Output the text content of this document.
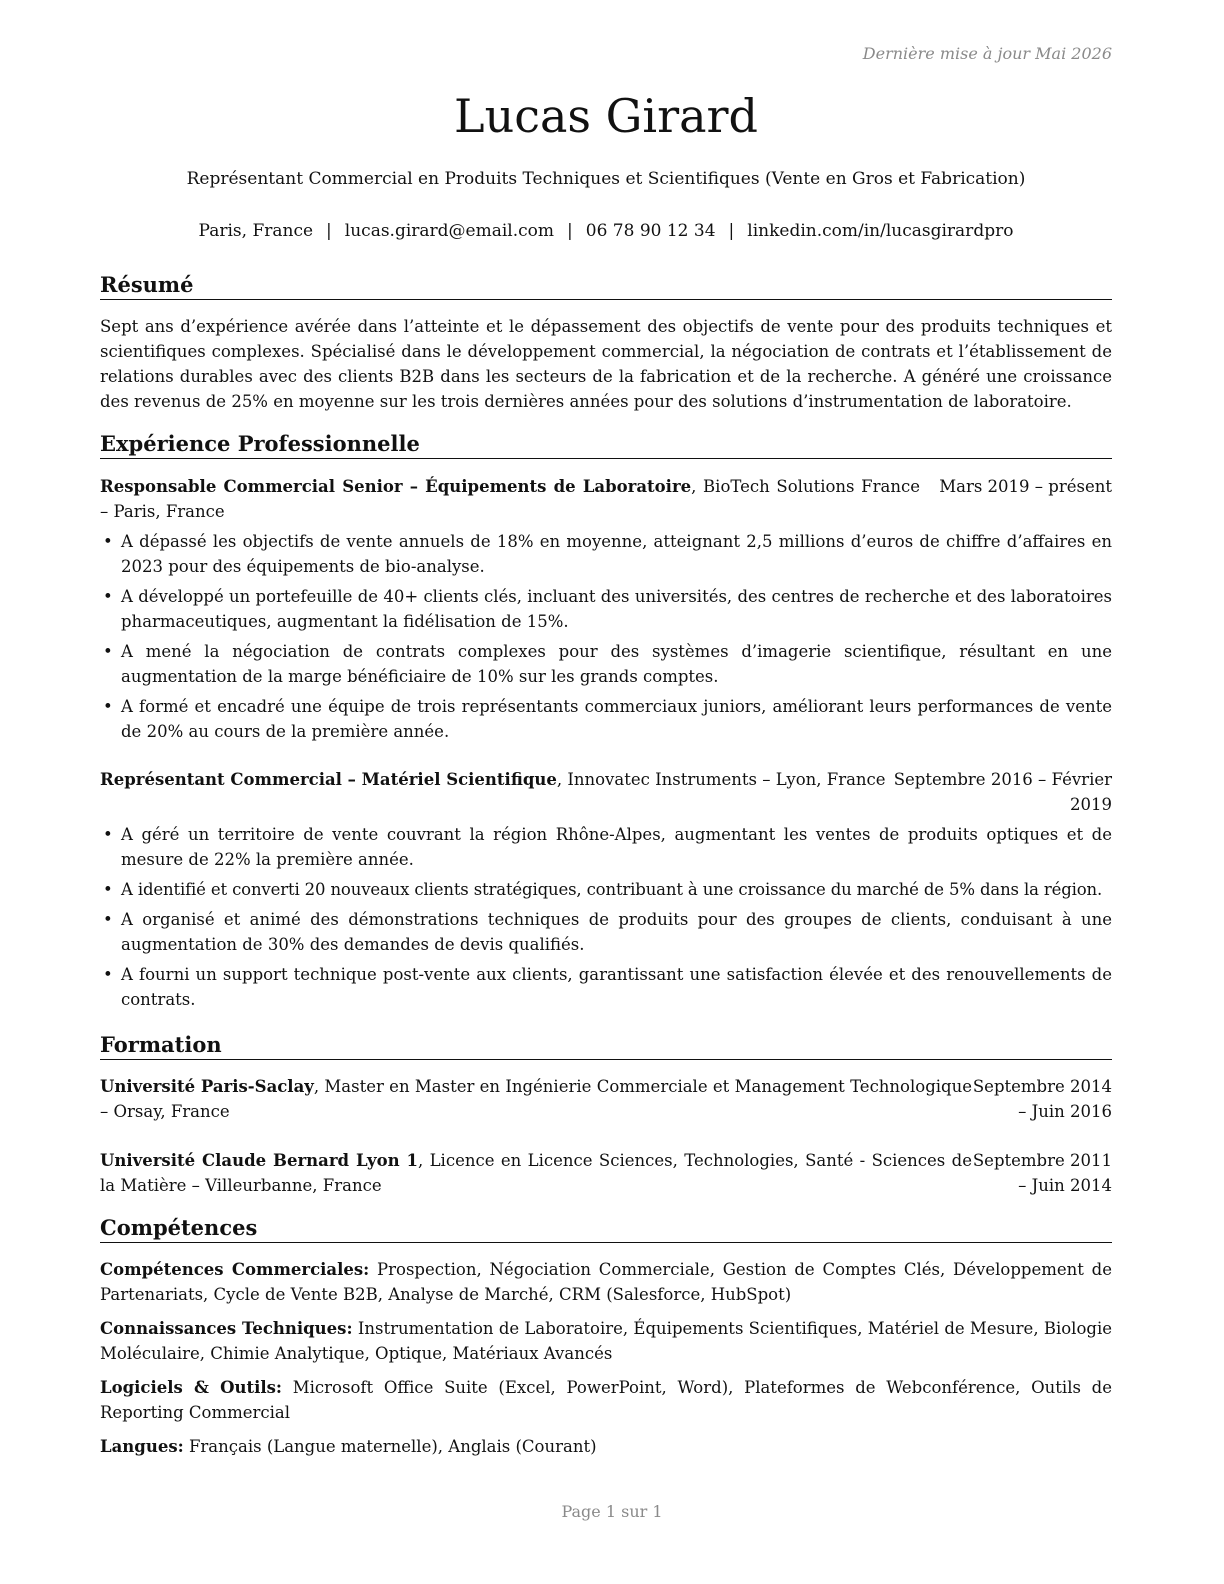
Dernière mise à jour Mai 2026
Lucas Girard
Représentant Commercial en Produits Techniques et Scientifiques (Vente en Gros et Fabrication)
Paris, France | lucas.girard@email.com | 06 78 90 12 34 | linkedin.com/in/lucasgirardpro
Résumé
Sept ans d’expérience avérée dans l’atteinte et le dépassement des objectifs de vente pour des produits techniques et scientifiques complexes. Spécialisé dans le développement commercial, la négociation de contrats et l’établissement de relations durables avec des clients B2B dans les secteurs de la fabrication et de la recherche. A généré une croissance des revenus de 25% en moyenne sur les trois dernières années pour des solutions d’instrumentation de laboratoire.
Expérience Professionnelle
Responsable Commercial Senior – Équipements de Laboratoire, BioTech Solutions France – Paris, France
Mars 2019 – présent
• A dépassé les objectifs de vente annuels de 18% en moyenne, atteignant 2,5 millions d’euros de chiffre d’affaires en 2023 pour des équipements de bio-analyse.
• A développé un portefeuille de 40+ clients clés, incluant des universités, des centres de recherche et des laboratoires pharmaceutiques, augmentant la fidélisation de 15%.
• A mené la négociation de contrats complexes pour des systèmes d’imagerie scientifique, résultant en une augmentation de la marge bénéficiaire de 10% sur les grands comptes.
• A formé et encadré une équipe de trois représentants commerciaux juniors, améliorant leurs performances de vente de 20% au cours de la première année.
Représentant Commercial – Matériel Scientifique, Innovatec Instruments – Lyon, France Septembre 2016 – Février 2019
• A géré un territoire de vente couvrant la région Rhône-Alpes, augmentant les ventes de produits optiques et de mesure de 22% la première année.
• A identifié et converti 20 nouveaux clients stratégiques, contribuant à une croissance du marché de 5% dans la région.
• A organisé et animé des démonstrations techniques de produits pour des groupes de clients, conduisant à une augmentation de 30% des demandes de devis qualifiés.
• A fourni un support technique post-vente aux clients, garantissant une satisfaction élevée et des renouvellements de contrats.
Formation
Université Paris-Saclay, Master en Master en Ingénierie Commerciale et Management Technologique – Orsay, France
Septembre 2014 – Juin 2016
Université Claude Bernard Lyon 1, Licence en Licence Sciences, Technologies, Santé - Sciences de la Matière – Villeurbanne, France
Septembre 2011 – Juin 2014
Compétences
Compétences Commerciales: Prospection, Négociation Commerciale, Gestion de Comptes Clés, Développement de Partenariats, Cycle de Vente B2B, Analyse de Marché, CRM (Salesforce, HubSpot)
Connaissances Techniques: Instrumentation de Laboratoire, Équipements Scientifiques, Matériel de Mesure, Biologie Moléculaire, Chimie Analytique, Optique, Matériaux Avancés
Logiciels & Outils: Microsoft Office Suite (Excel, PowerPoint, Word), Plateformes de Webconférence, Outils de Reporting Commercial
Langues: Français (Langue maternelle), Anglais (Courant)
Page 1 sur 1
